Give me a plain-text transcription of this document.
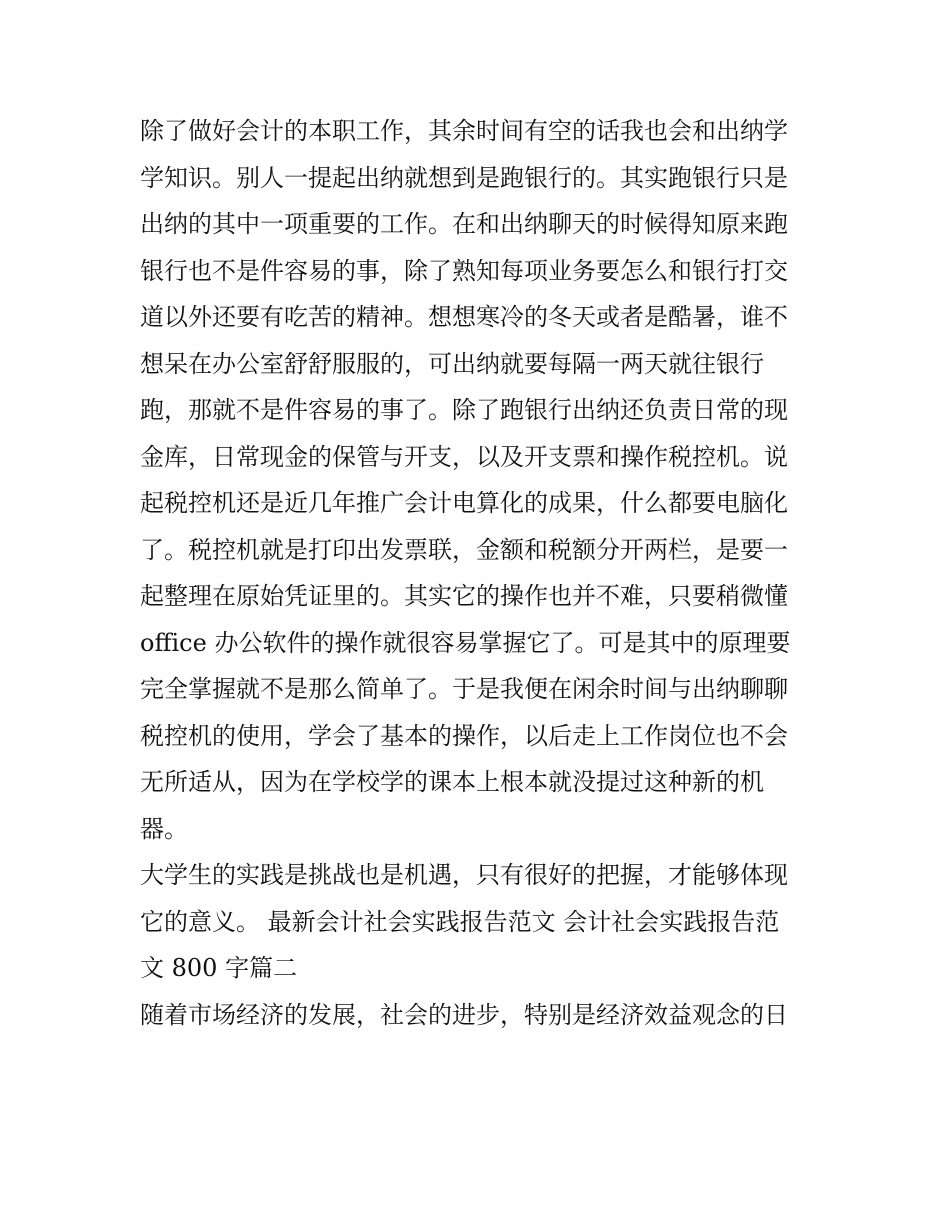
除了做好会计的本职工作，其余时间有空的话我也会和出纳学
学知识。别人一提起出纳就想到是跑银行的。其实跑银行只是
出纳的其中一项重要的工作。在和出纳聊天的时候得知原来跑
银行也不是件容易的事，除了熟知每项业务要怎么和银行打交
道以外还要有吃苦的精神。想想寒冷的冬天或者是酷暑，谁不
想呆在办公室舒舒服服的，可出纳就要每隔一两天就往银行
跑，那就不是件容易的事了。除了跑银行出纳还负责日常的现
金库，日常现金的保管与开支，以及开支票和操作税控机。说
起税控机还是近几年推广会计电算化的成果，什么都要电脑化
了。税控机就是打印出发票联，金额和税额分开两栏，是要一
起整理在原始凭证里的。其实它的操作也并不难，只要稍微懂
office 办公软件的操作就很容易掌握它了。可是其中的原理要
完全掌握就不是那么简单了。于是我便在闲余时间与出纳聊聊
税控机的使用，学会了基本的操作，以后走上工作岗位也不会
无所适从，因为在学校学的课本上根本就没提过这种新的机
器。
大学生的实践是挑战也是机遇，只有很好的把握，才能够体现
它的意义。 最新会计社会实践报告范文 会计社会实践报告范
文 800 字篇二
随着市场经济的发展，社会的进步，特别是经济效益观念的日
